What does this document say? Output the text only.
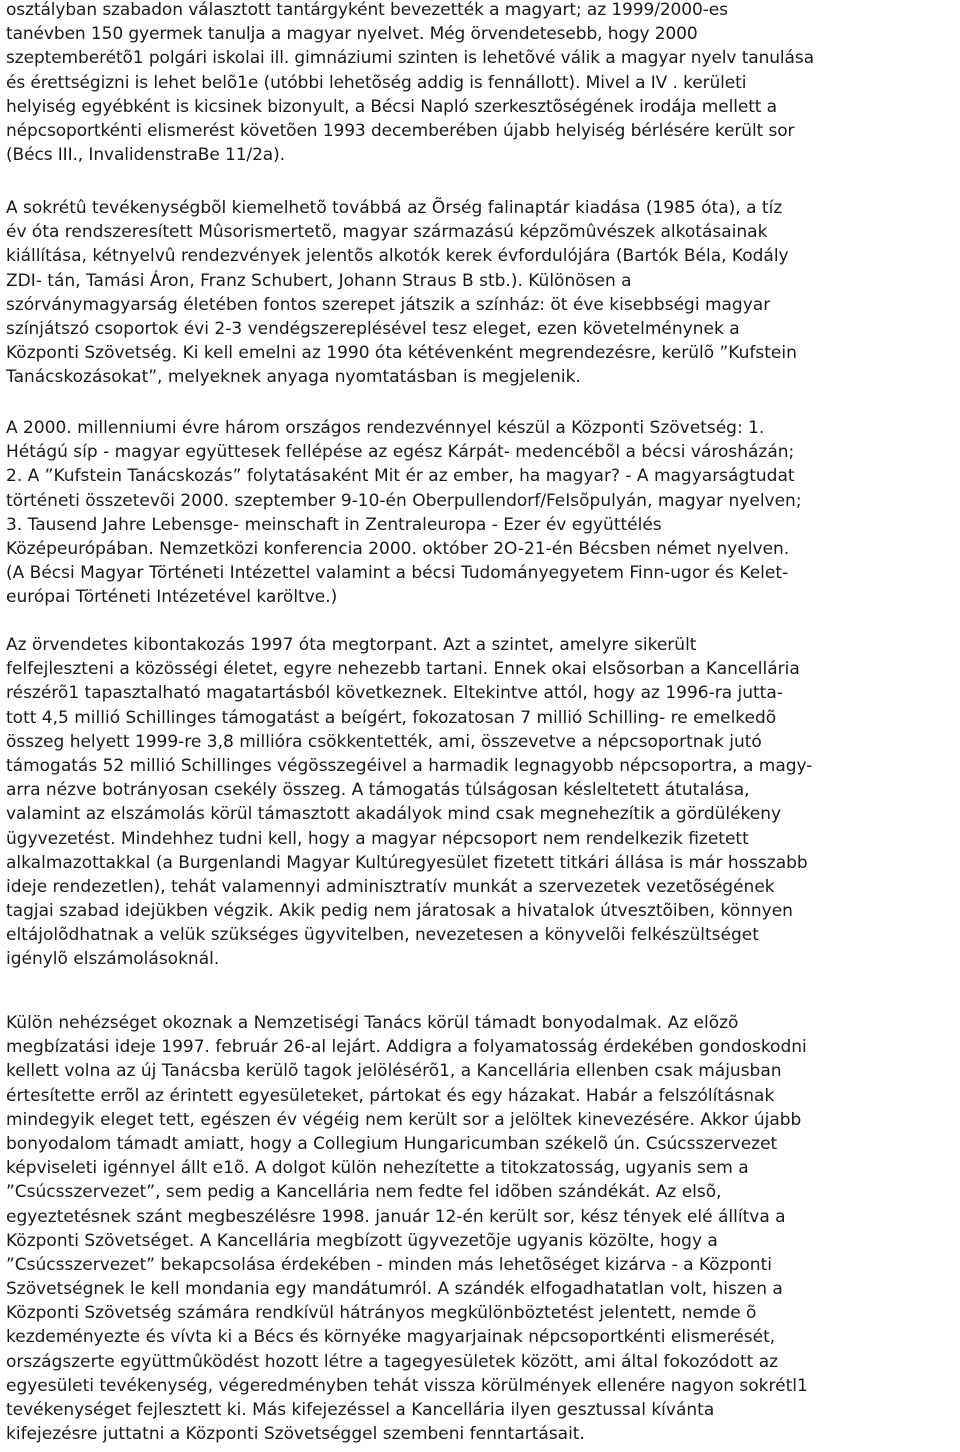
osztályban szabadon választott tantárgyként bevezették a magyart; az 1999/2000-es
tanévben 150 gyermek tanulja a magyar nyelvet. Még örvendetesebb, hogy 2000
szeptemberétõ1 polgári iskolai ill. gimnáziumi szinten is lehetõvé válik a magyar nyelv tanulása
és érettségizni is lehet belõ1e (utóbbi lehetõség addig is fennállott). Mivel a IV . kerületi
helyiség egyébként is kicsinek bizonyult, a Bécsi Napló szerkesztõségének irodája mellett a
népcsoportkénti elismerést követõen 1993 decemberében újabb helyiség bérlésére került sor
(Bécs III., InvalidenstraBe 11/2a).
A sokrétû tevékenységbõl kiemelhetõ továbbá az Õrség falinaptár kiadása (1985 óta), a tíz
év óta rendszeresített Mûsorismertetõ, magyar származású képzõmûvészek alkotásainak
kiállítása, kétnyelvû rendezvények jelentõs alkotók kerek évfordulójára (Bartók Béla, Kodály
ZDI- tán, Tamási Áron, Franz Schubert, Johann Straus B stb.). Különösen a
szórványmagyarság életében fontos szerepet játszik a színház: öt éve kisebbségi magyar
színjátszó csoportok évi 2-3 vendégszereplésével tesz eleget, ezen követelménynek a
Központi Szövetség. Ki kell emelni az 1990 óta kétévenként megrendezésre, kerülõ ”Kufstein
Tanácskozásokat”, melyeknek anyaga nyomtatásban is megjelenik.
A 2000. millenniumi évre három országos rendezvénnyel készül a Központi Szövetség: 1.
Hétágú síp - magyar együttesek fellépése az egész Kárpát- medencébõl a bécsi városházán;
2. A ”Kufstein Tanácskozás” folytatásaként Mit ér az ember, ha magyar? - A magyarságtudat
történeti összetevõi 2000. szeptember 9-10-én Oberpullendorf/FeIsõpulyán, magyar nyelven;
3. Tausend Jahre Lebensge- meinschaft in Zentraleuropa - Ezer év együttélés
Középeurópában. Nemzetközi konferencia 2000. október 2O-21-én Bécsben német nyelven.
(A Bécsi Magyar Történeti Intézettel valamint a bécsi Tudományegyetem Finn-ugor és Kelet-
európai Történeti Intézetével karöltve.)
Az örvendetes kibontakozás 1997 óta megtorpant. Azt a szintet, amelyre sikerült
felfejleszteni a közösségi életet, egyre nehezebb tartani. Ennek okai elsõsorban a Kancellária
részérõ1 tapasztalható magatartásból következnek. Eltekintve attól, hogy az 1996-ra jutta-
tott 4,5 millió Schillinges támogatást a beígért, fokozatosan 7 millió Schilling- re emelkedõ
összeg helyett 1999-re 3,8 millióra csökkentették, ami, összevetve a népcsoportnak jutó
támogatás 52 millió Schillinges végösszegéivel a harmadik legnagyobb népcsoportra, a magy-
arra nézve botrányosan csekély összeg. A támogatás túlságosan késleltetett átutalása,
valamint az elszámolás körül támasztott akadályok mind csak megnehezítik a gördülékeny
ügyvezetést. Mindehhez tudni kell, hogy a magyar népcsoport nem rendelkezik fizetett
alkalmazottakkal (a Burgenlandi Magyar Kultúregyesület fizetett titkári állása is már hosszabb
ideje rendezetlen), tehát valamennyi adminisztratív munkát a szervezetek vezetõségének
tagjai szabad idejükben végzik. Akik pedig nem járatosak a hivatalok útvesztõiben, könnyen
eltájolõdhatnak a velük szükséges ügyvitelben, nevezetesen a könyvelõi felkészültséget
igénylõ elszámolásoknál.
Külön nehézséget okoznak a Nemzetiségi Tanács körül támadt bonyodalmak. Az elõzõ
megbízatási ideje 1997. február 26-al lejárt. Addigra a folyamatosság érdekében gondoskodni
kellett volna az új Tanácsba kerülõ tagok jelölésérõ1, a Kancellária ellenben csak májusban
értesítette errõl az érintett egyesületeket, pártokat és egy házakat. Habár a felszólításnak
mindegyik eleget tett, egészen év végéig nem került sor a jelöltek kinevezésére. Akkor újabb
bonyodalom támadt amiatt, hogy a Collegium Hungaricumban székelõ ún. Csúcsszervezet
képviseleti igénnyel állt e1õ. A dolgot külön nehezítette a titokzatosság, ugyanis sem a
”Csúcsszervezet”, sem pedig a Kancellária nem fedte fel idõben szándékát. Az elsõ,
egyeztetésnek szánt megbeszélésre 1998. január 12-én került sor, kész tények elé állítva a
Központi Szövetséget. A Kancellária megbízott ügyvezetõje ugyanis közölte, hogy a
”Csúcsszervezet” bekapcsolása érdekében - minden más lehetõséget kizárva - a Központi
Szövetségnek le kell mondania egy mandátumról. A szándék elfogadhatatlan volt, hiszen a
Központi Szövetség számára rendkívül hátrányos megkülönböztetést jelentett, nemde õ
kezdeményezte és vívta ki a Bécs és környéke magyarjainak népcsoportkénti elismerését,
országszerte együttmûködést hozott létre a tagegyesületek között, ami által fokozódott az
egyesületi tevékenység, végeredményben tehát vissza körülmények ellenére nagyon sokrétl1
tevékenységet fejlesztett ki. Más kifejezéssel a Kancellária ilyen gesztussal kívánta
kifejezésre juttatni a Központi Szövetséggel szembeni fenntartásait.
